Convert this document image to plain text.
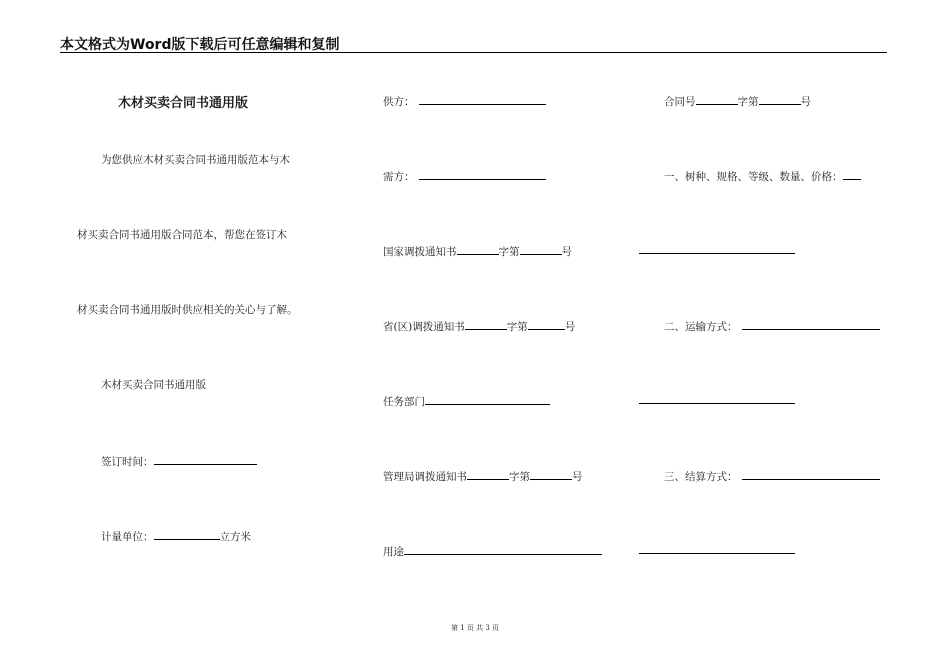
本文格式为Word版下载后可任意编辑和复制
木材买卖合同书通用版
为您供应木材买卖合同书通用版范本与木
材买卖合同书通用版合同范本，帮您在签订木
材买卖合同书通用版时供应相关的关心与了解。
木材买卖合同书通用版
签订时间：
计量单位：	立方米
供方：
需方：
国家调拨通知书	字第	号
省(区)调拨通知书	字第	号
任务部门
管理局调拨通知书	字第	号
用途
合同号	字第	号
一、树种、规格、等级、数量、价格：
二、运输方式：
三、结算方式：
第 1 页 共 3 页
